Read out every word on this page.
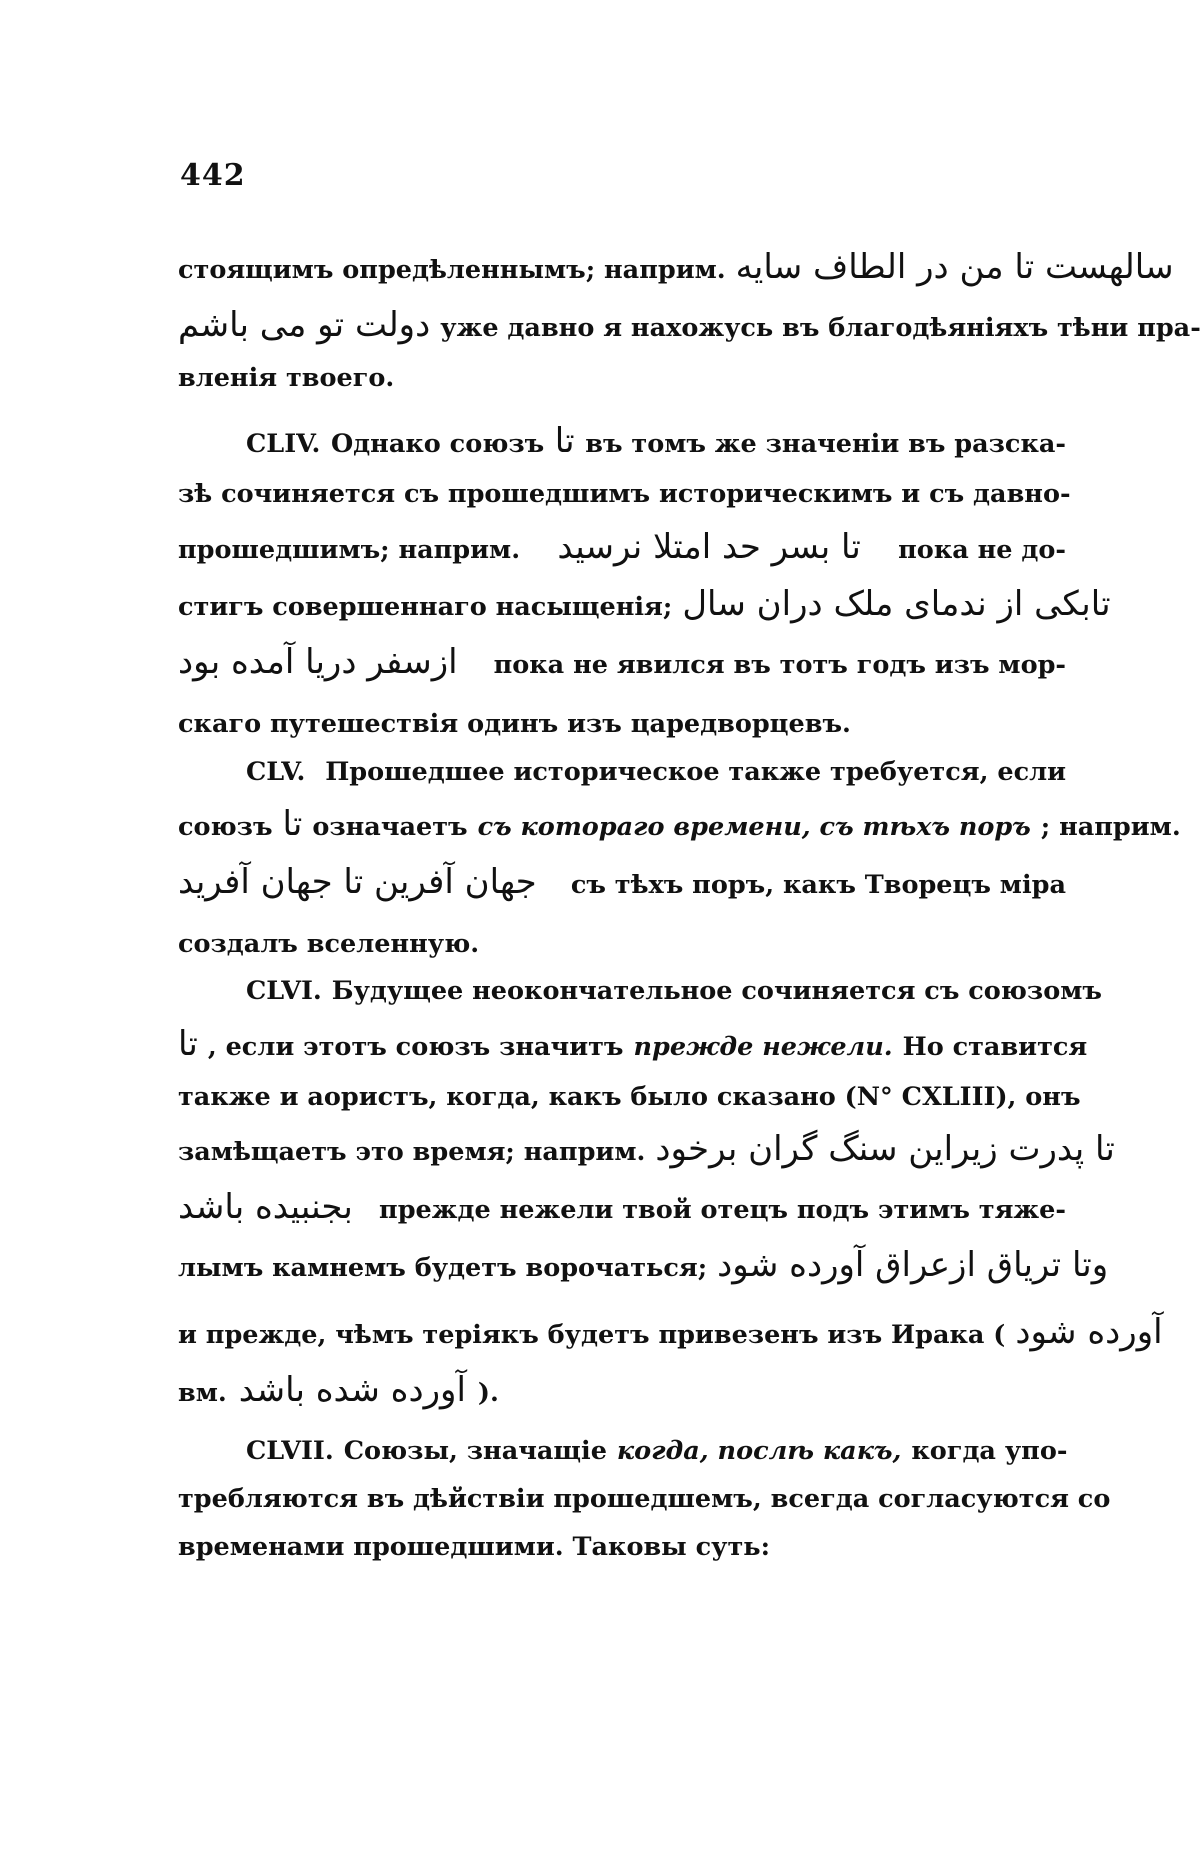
442
стоящимъ опредѣленнымъ; наприм. سالهست تا من در الطاف سایه
دولت تو می باشم уже давно я нахожусь въ благодѣяніяхъ тѣни пра-
вленія твоего.
CLIV. Однако союзъ تا въ томъ же значеніи въ разска-
зѣ сочиняется съ прошедшимъ историческимъ и съ давно-
прошедшимъ; наприм. تا بسر حد امتلا نرسید пока не до-
стигъ совершеннаго насыщенія; تابکی از ندمای ملک دران سال
ازسفر دریا آمده بود пока не явился въ тотъ годъ изъ мор-
скаго путешествія одинъ изъ царедворцевъ.
CLV. Прошедшее историческое также требуется, если
союзъ تا означаетъ съ котораго времени, съ тѣхъ поръ ; наприм.
جهان آفرین تا جهان آفرید съ тѣхъ поръ, какъ Творецъ міра
создалъ вселенную.
CLVI. Будущее неокончательное сочиняется съ союзомъ
تا , если этотъ союзъ значитъ прежде нежели. Но ставится
также и аористъ, когда, какъ было сказано (N° CXLIII), онъ
замѣщаетъ это время; наприм. تا پدرت زیراین سنگ گران برخود
بجنبیده باشد прежде нежели твой отецъ подъ этимъ тяже-
лымъ камнемъ будетъ ворочаться; وتا تریاق ازعراق آورده شود
и прежде, чѣмъ теріякъ будетъ привезенъ изъ Ирака ( آورده شود
вм. آورده شده باشد ).
CLVII. Союзы, значащіе когда, послѣ какъ, когда упо-
требляются въ дѣйствіи прошедшемъ, всегда согласуются со
временами прошедшими. Таковы суть:
